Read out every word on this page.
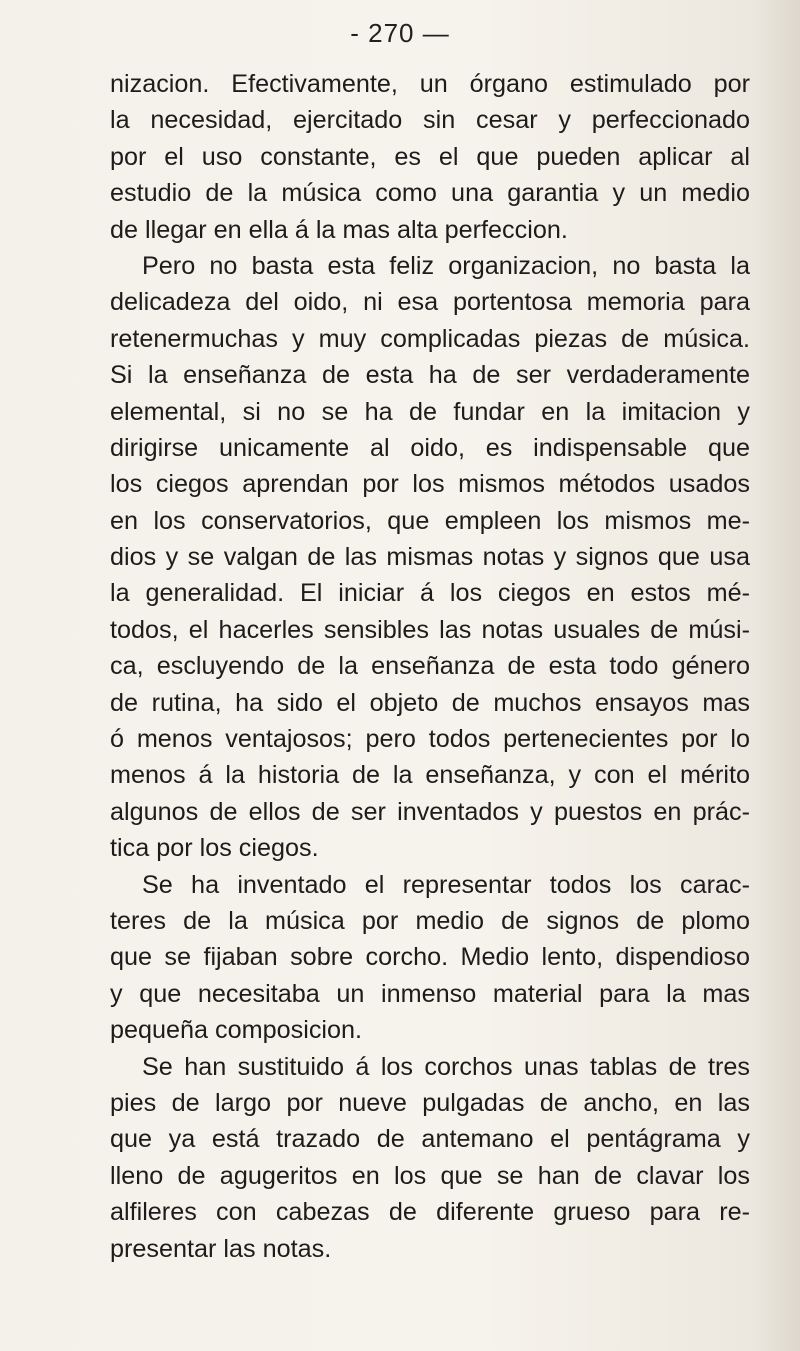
- 270 —
nizacion. Efectivamente, un órgano estimulado por
la necesidad, ejercitado sin cesar y perfeccionado
por el uso constante, es el que pueden aplicar al
estudio de la música como una garantia y un medio
de llegar en ella á la mas alta perfeccion.
Pero no basta esta feliz organizacion, no basta la
delicadeza del oido, ni esa portentosa memoria para
retenermuchas y muy complicadas piezas de música.
Si la enseñanza de esta ha de ser verdaderamente
elemental, si no se ha de fundar en la imitacion y
dirigirse unicamente al oido, es indispensable que
los ciegos aprendan por los mismos métodos usados
en los conservatorios, que empleen los mismos me-
dios y se valgan de las mismas notas y signos que usa
la generalidad. El iniciar á los ciegos en estos mé-
todos, el hacerles sensibles las notas usuales de músi-
ca, escluyendo de la enseñanza de esta todo género
de rutina, ha sido el objeto de muchos ensayos mas
ó menos ventajosos; pero todos pertenecientes por lo
menos á la historia de la enseñanza, y con el mérito
algunos de ellos de ser inventados y puestos en prác-
tica por los ciegos.
Se ha inventado el representar todos los carac-
teres de la música por medio de signos de plomo
que se fijaban sobre corcho. Medio lento, dispendioso
y que necesitaba un inmenso material para la mas
pequeña composicion.
Se han sustituido á los corchos unas tablas de tres
pies de largo por nueve pulgadas de ancho, en las
que ya está trazado de antemano el pentágrama y
lleno de agugeritos en los que se han de clavar los
alfileres con cabezas de diferente grueso para re-
presentar las notas.
